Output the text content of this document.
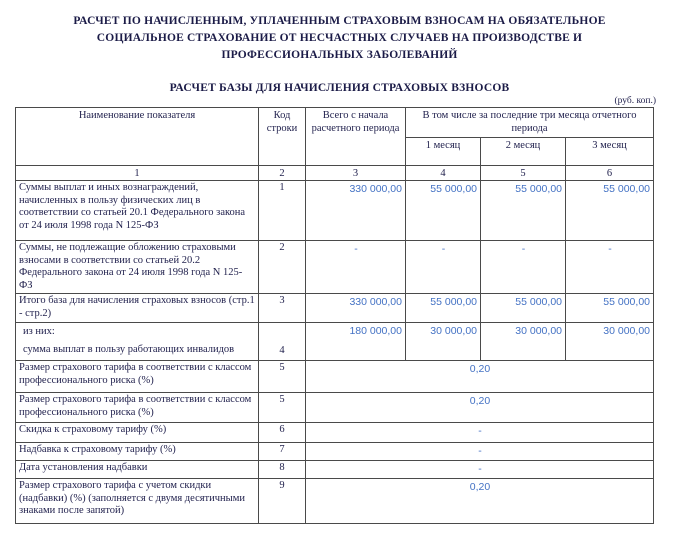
РАСЧЕТ ПО НАЧИСЛЕННЫМ, УПЛАЧЕННЫМ СТРАХОВЫМ ВЗНОСАМ НА ОБЯЗАТЕЛЬНОЕ
СОЦИАЛЬНОЕ СТРАХОВАНИЕ ОТ НЕСЧАСТНЫХ СЛУЧАЕВ НА ПРОИЗВОДСТВЕ И
ПРОФЕССИОНАЛЬНЫХ ЗАБОЛЕВАНИЙ
РАСЧЕТ БАЗЫ ДЛЯ НАЧИСЛЕНИЯ СТРАХОВЫХ ВЗНОСОВ
(руб. коп.)
Наименование показателя	Код строки	Всего с начала расчетного периода	В том числе за последние три месяца отчетного периода		
			1 месяц	2 месяц	3 месяц
1	2	3	4	5	6
Суммы выплат и иных вознаграждений, начисленных в пользу физических лиц в соответствии со статьей 20.1 Федерального закона от 24 июля 1998 года N 125-ФЗ	1	330 000,00	55 000,00	55 000,00	55 000,00
Суммы, не подлежащие обложению страховыми взносами в соответствии со статьей 20.2 Федерального закона от 24 июля 1998 года N 125-ФЗ	2	-	-	-	-
Итого база для начисления страховых взносов (стр.1 - стр.2)	3	330 000,00	55 000,00	55 000,00	55 000,00

из них:
сумма выплат в пользу работающих инвалидов	4	180 000,00	30 000,00	30 000,00	30 000,00
Размер страхового тарифа в соответствии с классом профессионального риска (%)	5	0,20			
Размер страхового тарифа в соответствии с классом профессионального риска (%)	5	0,20			
Скидка к страховому тарифу (%)	6	-			
Надбавка к страховому тарифу (%)	7	-			
Дата установления надбавки	8	-			
Размер страхового тарифа с учетом скидки (надбавки) (%) (заполняется с двумя десятичными знаками после запятой)	9	0,20			
